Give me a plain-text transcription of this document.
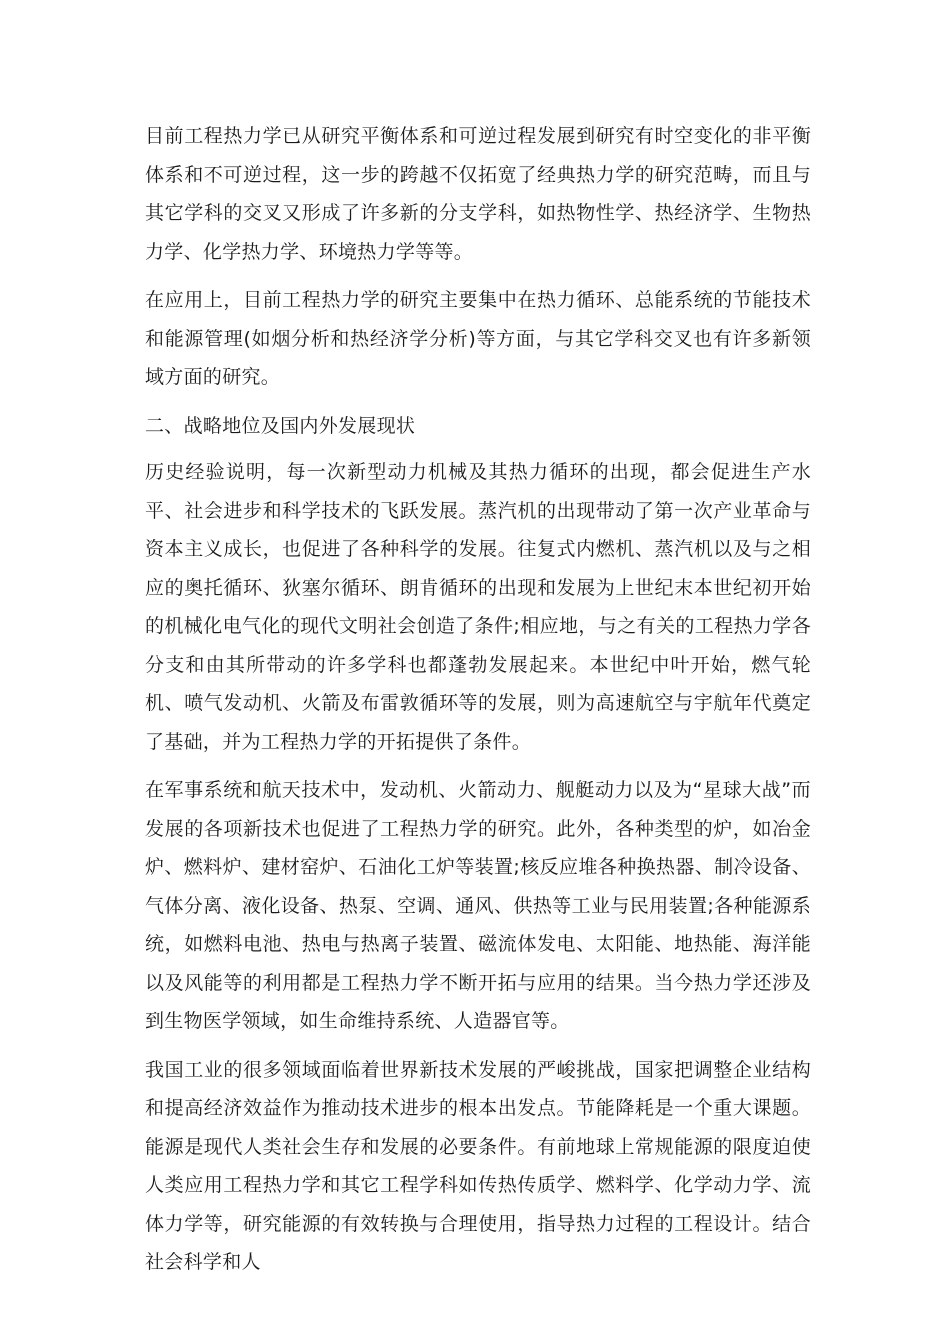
目前工程热力学已从研究平衡体系和可逆过程发展到研究有时空变化的非平衡体系和不可逆过程，这一步的跨越不仅拓宽了经典热力学的研究范畴，而且与其它学科的交叉又形成了许多新的分支学科，如热物性学、热经济学、生物热力学、化学热力学、环境热力学等等。

在应用上，目前工程热力学的研究主要集中在热力循环、总能系统的节能技术和能源管理(如烟分析和热经济学分析)等方面，与其它学科交叉也有许多新领域方面的研究。

二、战略地位及国内外发展现状

历史经验说明，每一次新型动力机械及其热力循环的出现，都会促进生产水平、社会进步和科学技术的飞跃发展。蒸汽机的出现带动了第一次产业革命与资本主义成长，也促进了各种科学的发展。往复式内燃机、蒸汽机以及与之相应的奥托循环、狄塞尔循环、朗肯循环的出现和发展为上世纪末本世纪初开始的机械化电气化的现代文明社会创造了条件;相应地，与之有关的工程热力学各分支和由其所带动的许多学科也都蓬勃发展起来。本世纪中叶开始，燃气轮机、喷气发动机、火箭及布雷敦循环等的发展，则为高速航空与宇航年代奠定了基础，并为工程热力学的开拓提供了条件。

在军事系统和航天技术中，发动机、火箭动力、舰艇动力以及为“星球大战”而发展的各项新技术也促进了工程热力学的研究。此外，各种类型的炉，如冶金炉、燃料炉、建材窑炉、石油化工炉等装置;核反应堆各种换热器、制冷设备、气体分离、液化设备、热泵、空调、通风、供热等工业与民用装置;各种能源系统，如燃料电池、热电与热离子装置、磁流体发电、太阳能、地热能、海洋能以及风能等的利用都是工程热力学不断开拓与应用的结果。当今热力学还涉及到生物医学领域，如生命维持系统、人造器官等。

我国工业的很多领域面临着世界新技术发展的严峻挑战，国家把调整企业结构和提高经济效益作为推动技术进步的根本出发点。节能降耗是一个重大课题。能源是现代人类社会生存和发展的必要条件。有前地球上常规能源的限度迫使人类应用工程热力学和其它工程学科如传热传质学、燃料学、化学动力学、流体力学等，研究能源的有效转换与合理使用，指导热力过程的工程设计。结合社会科学和人
